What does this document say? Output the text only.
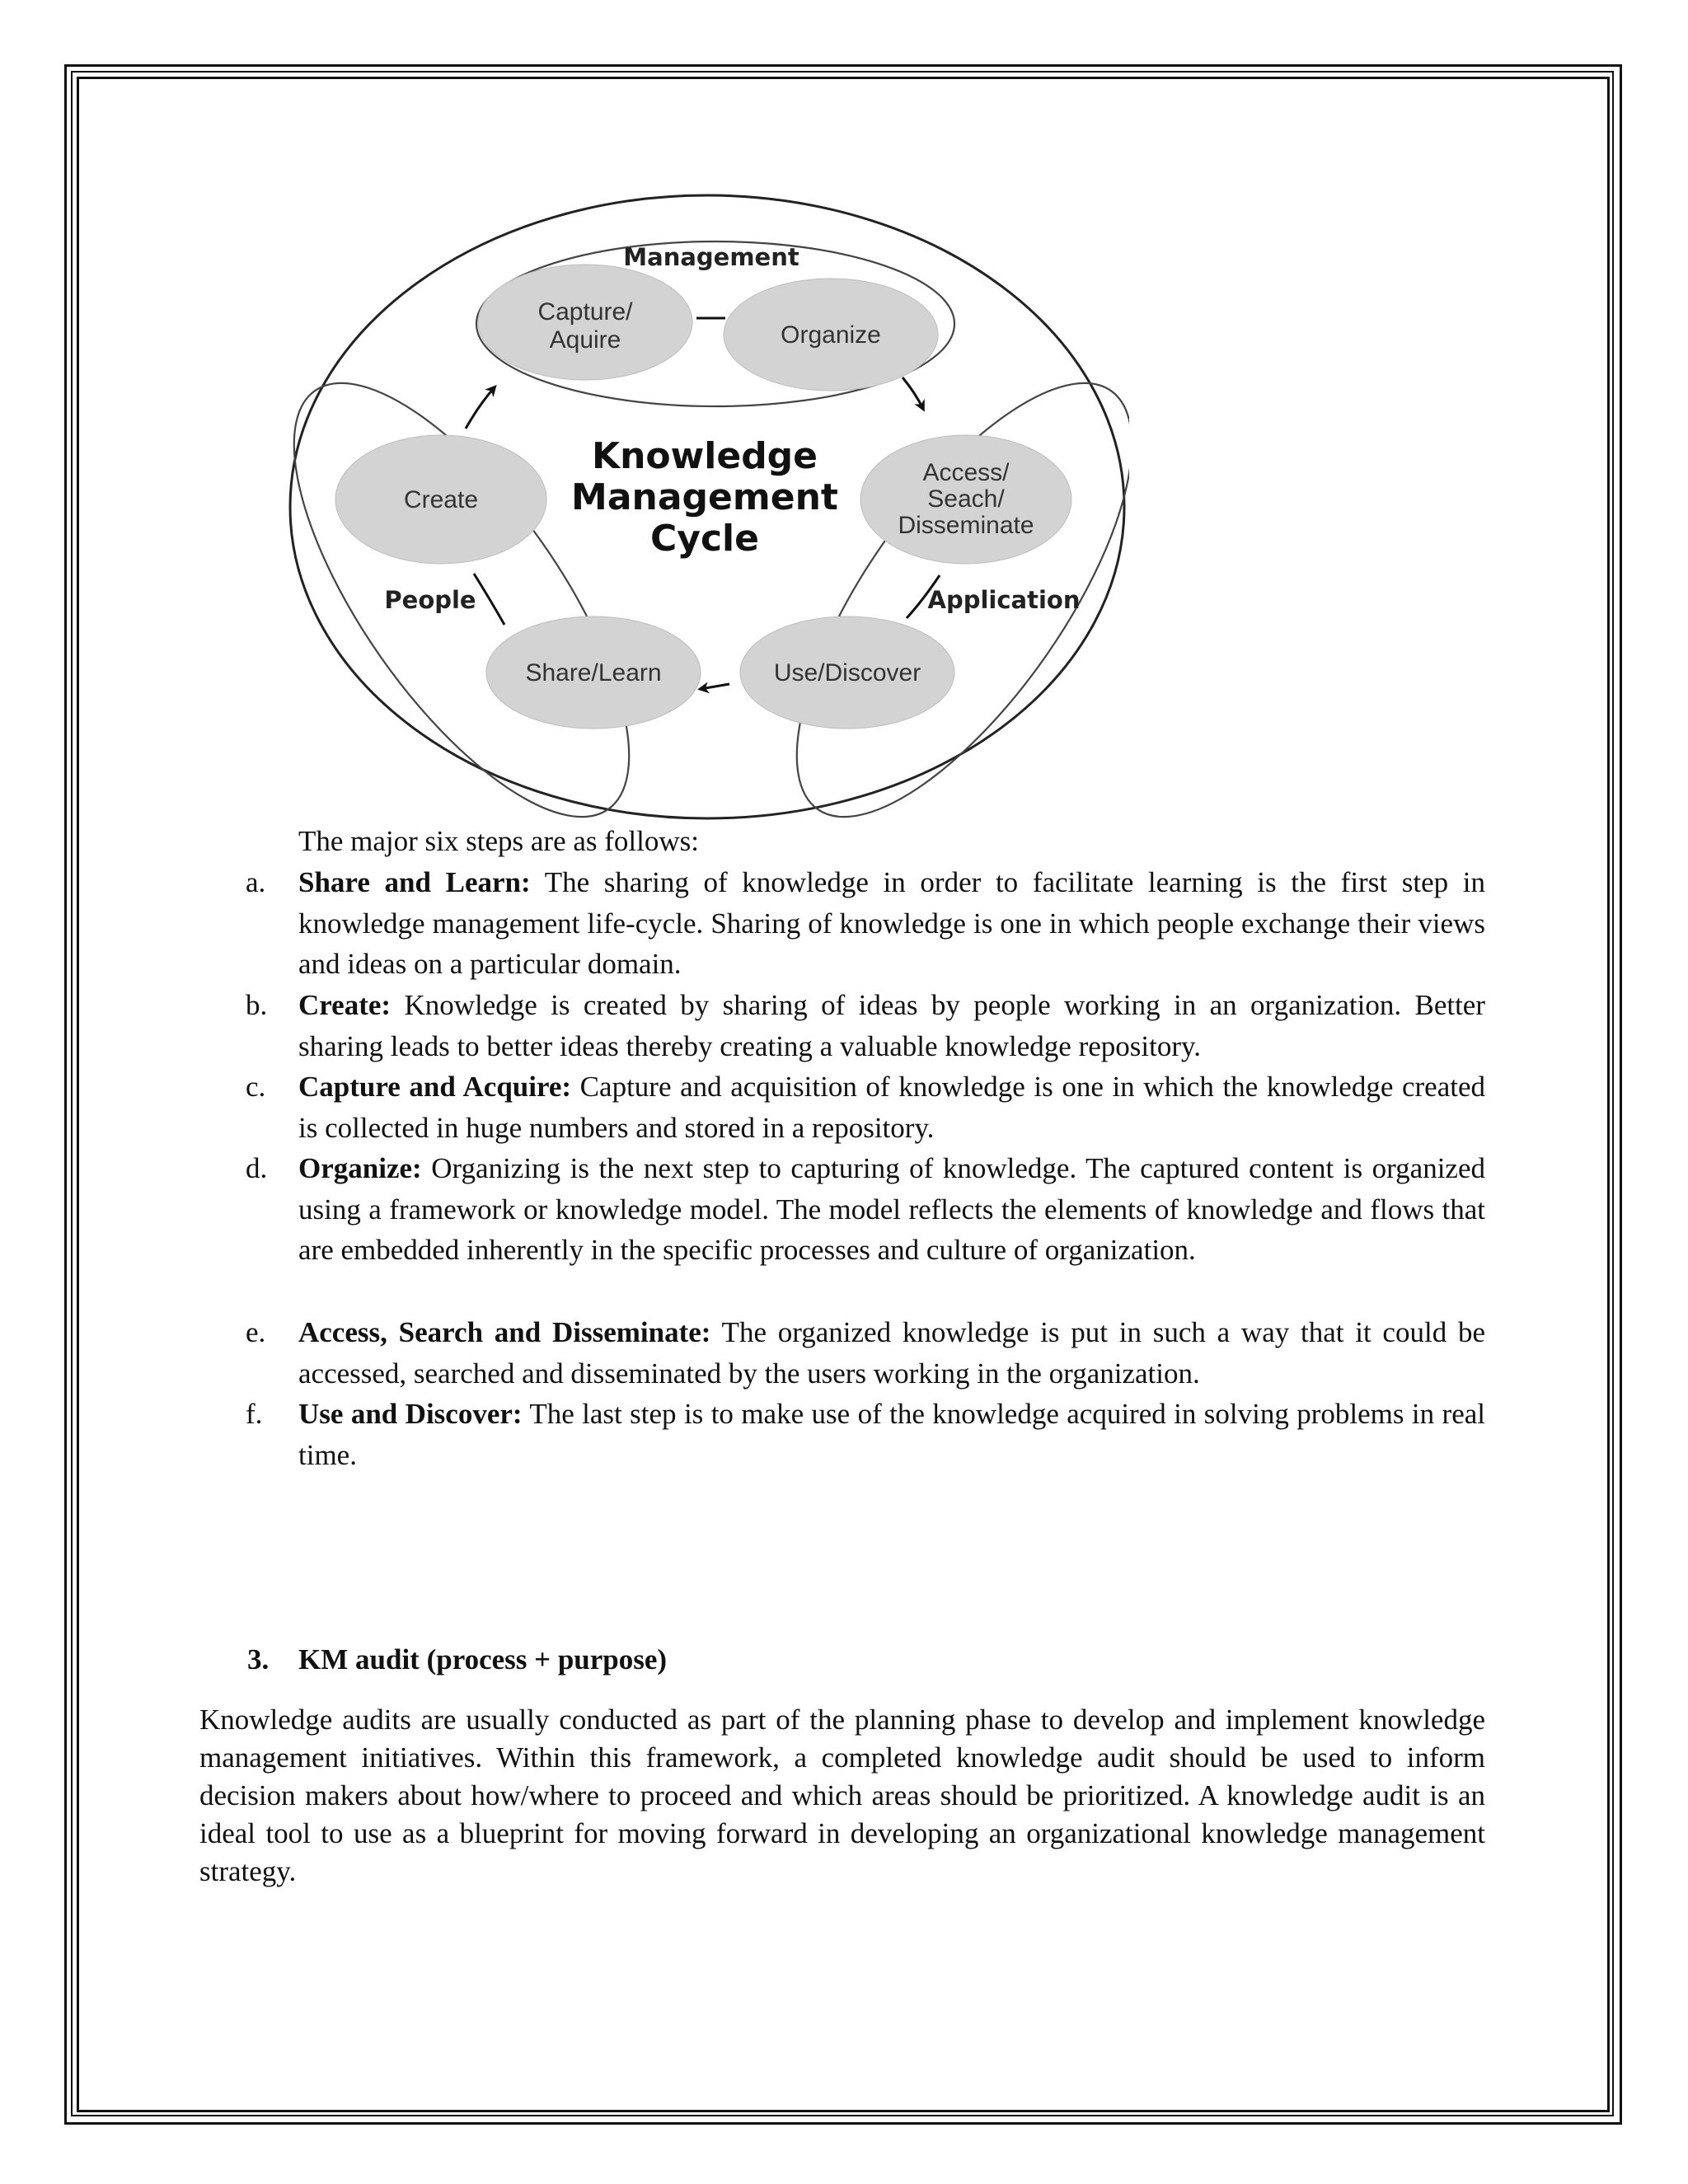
Management
People	Application
Capture/
Aquire	Organize
Access/
Seach/
Disseminate
Use/Discover
Share/Learn
Create
Knowledge
Management
Cycle
The major six steps are as follows:
a. Share and Learn: The sharing of knowledge in order to facilitate learning is the first step in knowledge management life-cycle. Sharing of knowledge is one in which people exchange their views and ideas on a particular domain.
b. Create: Knowledge is created by sharing of ideas by people working in an organization. Better sharing leads to better ideas thereby creating a valuable knowledge repository.
c. Capture and Acquire: Capture and acquisition of knowledge is one in which the knowledge created is collected in huge numbers and stored in a repository.
d. Organize: Organizing is the next step to capturing of knowledge. The captured content is organized using a framework or knowledge model. The model reflects the elements of knowledge and flows that are embedded inherently in the specific processes and culture of organization.
e. Access, Search and Disseminate: The organized knowledge is put in such a way that it could be accessed, searched and disseminated by the users working in the organization.
f. Use and Discover: The last step is to make use of the knowledge acquired in solving problems in real time.
3. KM audit (process + purpose)
Knowledge audits are usually conducted as part of the planning phase to develop and implement knowledge management initiatives. Within this framework, a completed knowledge audit should be used to inform decision makers about how/where to proceed and which areas should be prioritized. A knowledge audit is an ideal tool to use as a blueprint for moving forward in developing an organizational knowledge management strategy.
